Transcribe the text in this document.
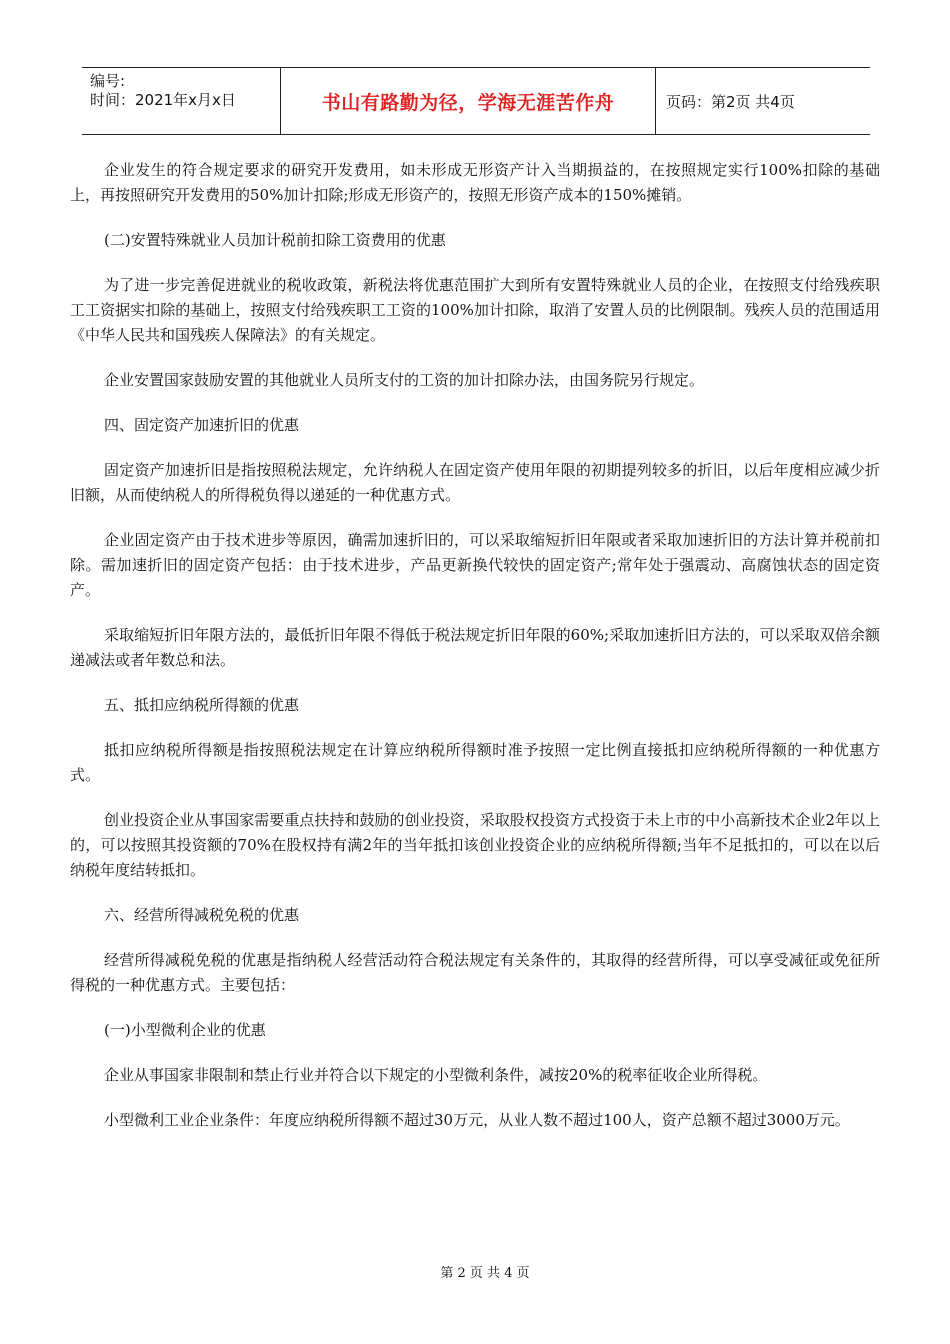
编号:
时间：2021年x月x日	书山有路勤为径，学海无涯苦作舟	页码：第2页 共4页

企业发生的符合规定要求的研究开发费用，如未形成无形资产计入当期损益的，在按照规定实行100%扣除的基础上，再按照研究开发费用的50%加计扣除;形成无形资产的，按照无形资产成本的150%摊销。

(二)安置特殊就业人员加计税前扣除工资费用的优惠

为了进一步完善促进就业的税收政策，新税法将优惠范围扩大到所有安置特殊就业人员的企业，在按照支付给残疾职工工资据实扣除的基础上，按照支付给残疾职工工资的100%加计扣除，取消了安置人员的比例限制。残疾人员的范围适用《中华人民共和国残疾人保障法》的有关规定。

企业安置国家鼓励安置的其他就业人员所支付的工资的加计扣除办法，由国务院另行规定。

四、固定资产加速折旧的优惠

固定资产加速折旧是指按照税法规定，允许纳税人在固定资产使用年限的初期提列较多的折旧，以后年度相应减少折旧额，从而使纳税人的所得税负得以递延的一种优惠方式。

企业固定资产由于技术进步等原因，确需加速折旧的，可以采取缩短折旧年限或者采取加速折旧的方法计算并税前扣除。需加速折旧的固定资产包括：由于技术进步，产品更新换代较快的固定资产;常年处于强震动、高腐蚀状态的固定资产。

采取缩短折旧年限方法的，最低折旧年限不得低于税法规定折旧年限的60%;采取加速折旧方法的，可以采取双倍余额递减法或者年数总和法。

五、抵扣应纳税所得额的优惠

抵扣应纳税所得额是指按照税法规定在计算应纳税所得额时准予按照一定比例直接抵扣应纳税所得额的一种优惠方式。

创业投资企业从事国家需要重点扶持和鼓励的创业投资，采取股权投资方式投资于未上市的中小高新技术企业2年以上的，可以按照其投资额的70%在股权持有满2年的当年抵扣该创业投资企业的应纳税所得额;当年不足抵扣的，可以在以后纳税年度结转抵扣。

六、经营所得减税免税的优惠

经营所得减税免税的优惠是指纳税人经营活动符合税法规定有关条件的，其取得的经营所得，可以享受减征或免征所得税的一种优惠方式。主要包括：

(一)小型微利企业的优惠

企业从事国家非限制和禁止行业并符合以下规定的小型微利条件，减按20%的税率征收企业所得税。

小型微利工业企业条件：年度应纳税所得额不超过30万元，从业人数不超过100人，资产总额不超过3000万元。

第 2 页 共 4 页
